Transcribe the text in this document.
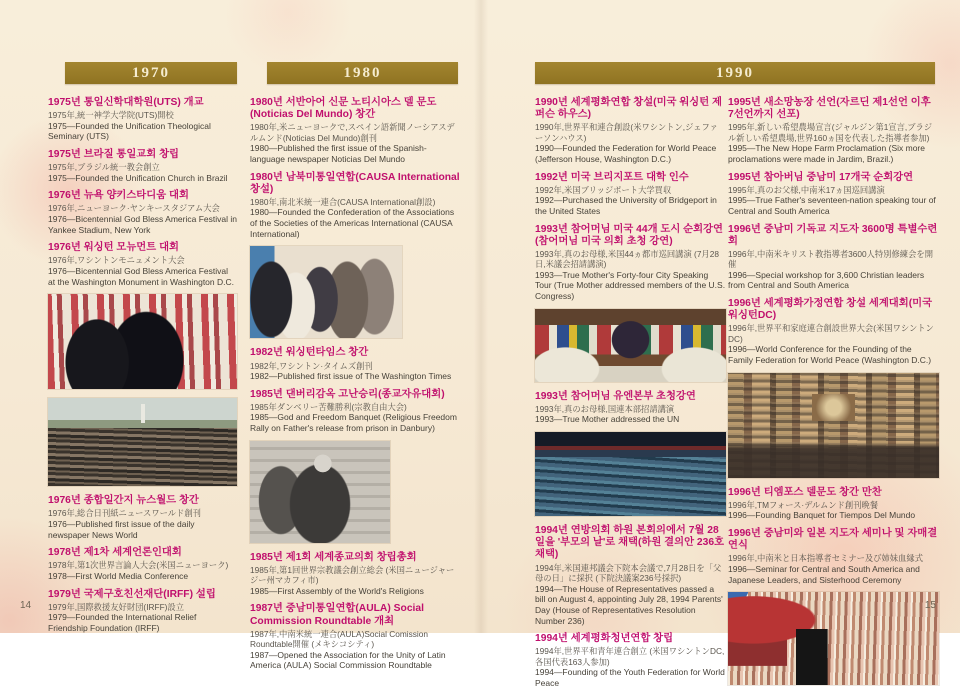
1970	1980	1990
1975년 통일신학대학원(UTS) 개교
1975年,統一神学大学院(UTS)開校
1975—Founded the Unification Theological Seminary (UTS)
1975년 브라질 통일교회 창립
1975年,ブラジル統一教会創立
1975—Founded the Unification Church in Brazil
1976년 뉴욕 양키스타디움 대회
1976年,ニューヨーク·ヤンキースタジアム大会
1976—Bicentennial God Bless America Festival in Yankee Stadium, New York
1976년 워싱턴 모뉴먼트 대회
1976年,ワシントンモニュメント大会
1976—Bicentennial God Bless America Festival at the Washington Monument in Washington D.C.
1976년 종합일간지 뉴스월드 창간
1976年,総合日刊紙ニュースワールド創刊
1976—Published first issue of the daily newspaper News World
1978년 제1차 세계언론인대회
1978年,第1次世界言論人大会(米国ニューヨーク)
1978—First World Media Conference
1979년 국제구호친선재단(IRFF) 설립
1979年,国際救援友好財団(IRFF)設立
1979—Founded the International Relief Friendship Foundation (IRFF)
1980년 서반아어 신문 노티시아스 델 문도 (Noticias Del Mundo) 창간
1980年,米ニューヨークで,スペイン語新聞ノーシアスデルムンド(Noticias Del Mundo)創刊
1980—Published the first issue of the Spanish-language newspaper Noticias Del Mundo
1980년 남북미통일연합(CAUSA International 창설)
1980年,南北米統一連合(CAUSA International創設)
1980—Founded the Confederation of the Associations of the Societies of the Americas International (CAUSA International)
1982년 워싱턴타임스 창간
1982年,ワシントン·タイムズ創刊
1982—Published first issue of The Washington Times
1985년 댄버리감옥 고난승리(종교자유대회)
1985年ダンベリー苦難勝利(宗教自由大会)
1985—God and Freedom Banquet (Religious Freedom Rally on Father's release from prison in Danbury)
1985년 제1회 세계종교의회 창립총회
1985年,第1回世界宗教議会創立総会 (米国ニュージャージー州マカフィ市)
1985—First Assembly of the World's Religions
1987년 중남미통일연합(AULA) Social Commission Roundtable 개최
1987年,中南米統一連合(AULA)Social Comission Roundtable開催 (メキシコシティ)
1987—Opened the Association for the Unity of Latin America (AULA) Social Commission Roundtable
1990년 세계평화연합 창설(미국 워싱턴 제퍼슨 하우스)
1990年,世界平和連合創設(米ワシントン,ジェファーソンハウス)
1990—Founded the Federation for World Peace (Jefferson House, Washington D.C.)
1992년 미국 브리지포트 대학 인수
1992年,米国ブリッジポート大学買収
1992—Purchased the University of Bridgeport in the United States
1993년 참어머님 미국 44개 도시 순회강연 (참어머님 미국 의회 초청 강연)
1993年,真のお母様,米国44ヵ都市巡回講演 (7月28日,米議会招請講演)
1993—True Mother's Forty-four City Speaking Tour (True Mother addressed members of the U.S. Congress)
1993년 참어머님 유엔본부 초청강연
1993年,真のお母様,国連本部招請講演
1993—True Mother addressed the UN
1994년 연방의회 하원 본회의에서 7월 28일을 '부모의 날'로 채택(하원 결의안 236호 채택)
1994年,米国連邦議会下院本会議で,7月28日を「父母の日」に採択 (下院決議案236号採択)
1994—The House of Representatives passed a bill on August 4, appointing July 28, 1994 Parents' Day (House of Representatives Resolution Number 236)
1994년 세계평화청년연합 창립
1994年,世界平和青年連合創立 (米国ワシントンDC,各国代表163人参加)
1994—Founding of the Youth Federation for World Peace
1995년 새소망농장 선언(자르딘 제1선언 이후 7선언까지 선포)
1995年,新しい希望農場宣言(ジャルジン第1宣言,ブラジル新しい希望農場,世界160ヵ国を代表した指導者参加)
1995—The New Hope Farm Proclamation (Six more proclamations were made in Jardim, Brazil.)
1995년 참아버님 중남미 17개국 순회강연
1995年,真のお父様,中南米17ヵ国巡回講演
1995—True Father's seventeen-nation speaking tour of Central and South America
1996년 중남미 기독교 지도자 3600명 특별수련회
1996年,中南米キリスト教指導者3600人特別修練会を開催
1996—Special workshop for 3,600 Christian leaders from Central and South America
1996년 세계평화가정연합 창설 세계대회(미국 워싱턴DC)
1996年,世界平和家庭連合創設世界大会(米国ワシントンDC)
1996—World Conference for the Founding of the Family Federation for World Peace (Washington D.C.)
1996년 티엠포스 델문도 창간 만찬
1996年,TMフォース·デルムンド創刊晩餐
1996—Founding Banquet for Tiempos Del Mundo
1996년 중남미와 일본 지도자 세미나 및 자매결연식
1996年,中南米と日本指導者セミナー及び姉妹血縁式
1996—Seminar for Central and South America and Japanese Leaders, and Sisterhood Ceremony
14	15
